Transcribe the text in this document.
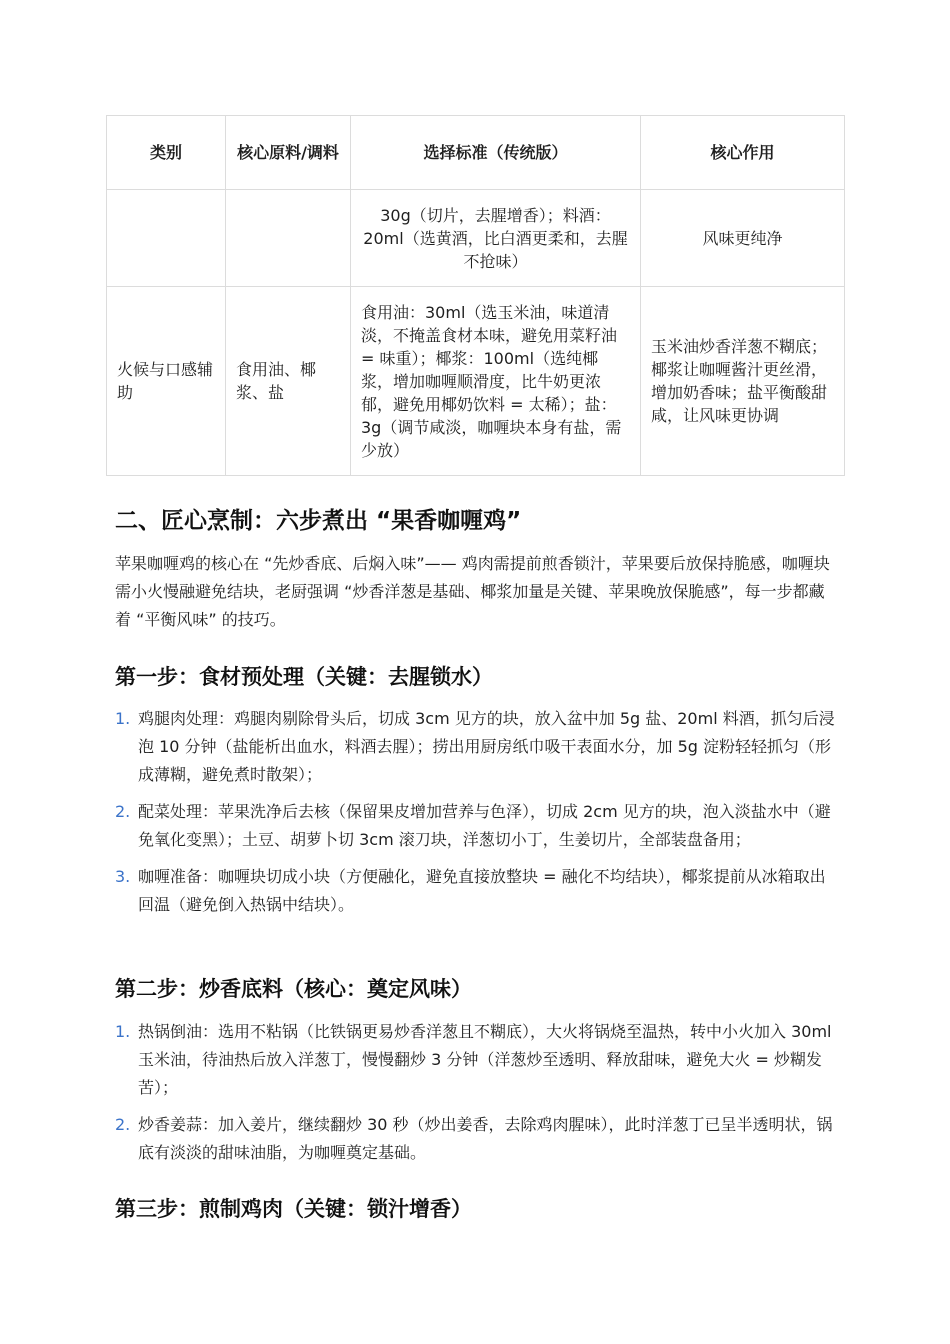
类别	核心原料/调料	选择标准（传统版）	核心作用
		30g（切片，去腥增香）；料酒：20ml（选黄酒，比白酒更柔和，去腥不抢味）	风味更纯净
火候与口感辅助	食用油、椰浆、盐	食用油：30ml（选玉米油，味道清淡，不掩盖食材本味，避免用菜籽油 = 味重）；椰浆：100ml（选纯椰浆，增加咖喱顺滑度，比牛奶更浓郁，避免用椰奶饮料 = 太稀）；盐：3g（调节咸淡，咖喱块本身有盐，需少放）	玉米油炒香洋葱不糊底；椰浆让咖喱酱汁更丝滑，增加奶香味；盐平衡酸甜咸，让风味更协调
二、匠心烹制：六步煮出 “果香咖喱鸡”

苹果咖喱鸡的核心在 “先炒香底、后焖入味”—— 鸡肉需提前煎香锁汁，苹果要后放保持脆感，咖喱块需小火慢融避免结块，老厨强调 “炒香洋葱是基础、椰浆加量是关键、苹果晚放保脆感”，每一步都藏着 “平衡风味” 的技巧。

第一步：食材预处理（关键：去腥锁水）
1. 鸡腿肉处理：鸡腿肉剔除骨头后，切成 3cm 见方的块，放入盆中加 5g 盐、20ml 料酒，抓匀后浸泡 10 分钟（盐能析出血水，料酒去腥）；捞出用厨房纸巾吸干表面水分，加 5g 淀粉轻轻抓匀（形成薄糊，避免煮时散架）；
2. 配菜处理：苹果洗净后去核（保留果皮增加营养与色泽），切成 2cm 见方的块，泡入淡盐水中（避免氧化变黑）；土豆、胡萝卜切 3cm 滚刀块，洋葱切小丁，生姜切片，全部装盘备用；
3. 咖喱准备：咖喱块切成小块（方便融化，避免直接放整块 = 融化不均结块），椰浆提前从冰箱取出回温（避免倒入热锅中结块）。
第二步：炒香底料（核心：奠定风味）
1. 热锅倒油：选用不粘锅（比铁锅更易炒香洋葱且不糊底），大火将锅烧至温热，转中小火加入 30ml 玉米油，待油热后放入洋葱丁，慢慢翻炒 3 分钟（洋葱炒至透明、释放甜味，避免大火 = 炒糊发苦）；
2. 炒香姜蒜：加入姜片，继续翻炒 30 秒（炒出姜香，去除鸡肉腥味），此时洋葱丁已呈半透明状，锅底有淡淡的甜味油脂，为咖喱奠定基础。
第三步：煎制鸡肉（关键：锁汁增香）
